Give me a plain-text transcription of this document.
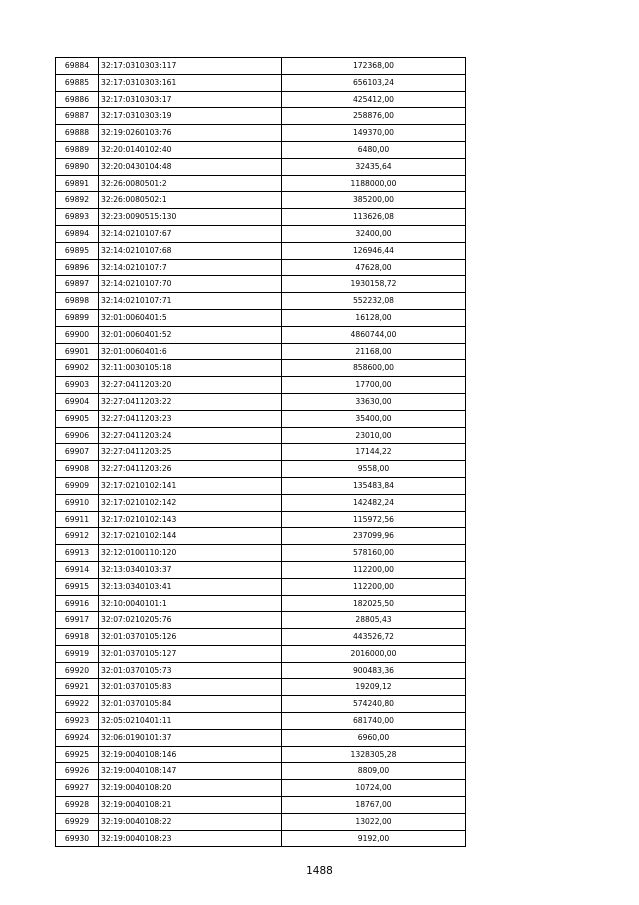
69884	32:17:0310303:117	172368,00
69885	32:17:0310303:161	656103,24
69886	32:17:0310303:17	425412,00
69887	32:17:0310303:19	258876,00
69888	32:19:0260103:76	149370,00
69889	32:20:0140102:40	6480,00
69890	32:20:0430104:48	32435,64
69891	32:26:0080501:2	1188000,00
69892	32:26:0080502:1	385200,00
69893	32:23:0090515:130	113626,08
69894	32:14:0210107:67	32400,00
69895	32:14:0210107:68	126946,44
69896	32:14:0210107:7	47628,00
69897	32:14:0210107:70	1930158,72
69898	32:14:0210107:71	552232,08
69899	32:01:0060401:5	16128,00
69900	32:01:0060401:52	4860744,00
69901	32:01:0060401:6	21168,00
69902	32:11:0030105:18	858600,00
69903	32:27:0411203:20	17700,00
69904	32:27:0411203:22	33630,00
69905	32:27:0411203:23	35400,00
69906	32:27:0411203:24	23010,00
69907	32:27:0411203:25	17144,22
69908	32:27:0411203:26	9558,00
69909	32:17:0210102:141	135483,84
69910	32:17:0210102:142	142482,24
69911	32:17:0210102:143	115972,56
69912	32:17:0210102:144	237099,96
69913	32:12:0100110:120	578160,00
69914	32:13:0340103:37	112200,00
69915	32:13:0340103:41	112200,00
69916	32:10:0040101:1	182025,50
69917	32:07:0210205:76	28805,43
69918	32:01:0370105:126	443526,72
69919	32:01:0370105:127	2016000,00
69920	32:01:0370105:73	900483,36
69921	32:01:0370105:83	19209,12
69922	32:01:0370105:84	574240,80
69923	32:05:0210401:11	681740,00
69924	32:06:0190101:37	6960,00
69925	32:19:0040108:146	1328305,28
69926	32:19:0040108:147	8809,00
69927	32:19:0040108:20	10724,00
69928	32:19:0040108:21	18767,00
69929	32:19:0040108:22	13022,00
69930	32:19:0040108:23	9192,00
1488
